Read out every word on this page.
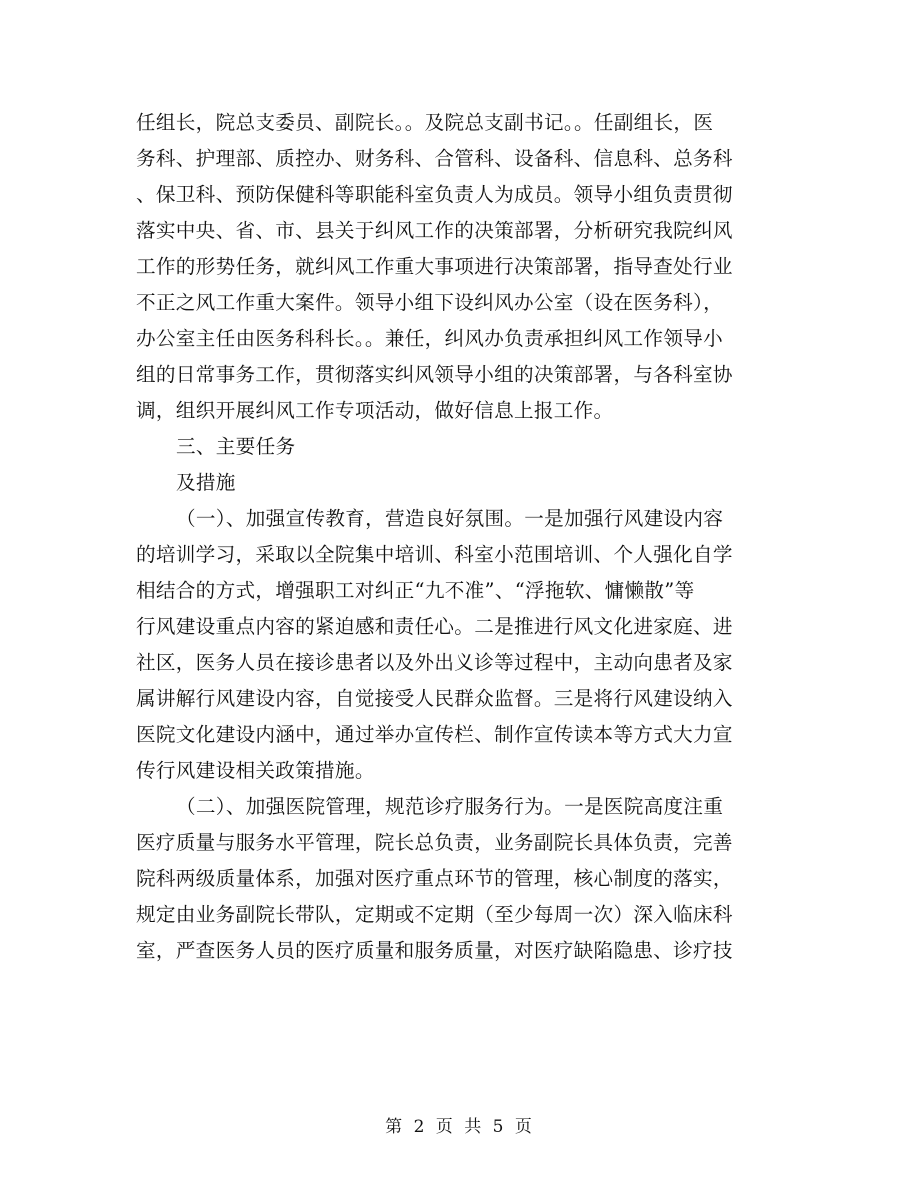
任组长，院总支委员、副院长。。及院总支副书记。。任副组长，医
务科、护理部、质控办、财务科、合管科、设备科、信息科、总务科
、保卫科、预防保健科等职能科室负责人为成员。领导小组负责贯彻
落实中央、省、市、县关于纠风工作的决策部署，分析研究我院纠风
工作的形势任务，就纠风工作重大事项进行决策部署，指导查处行业
不正之风工作重大案件。领导小组下设纠风办公室（设在医务科），
办公室主任由医务科科长。。兼任，纠风办负责承担纠风工作领导小
组的日常事务工作，贯彻落实纠风领导小组的决策部署，与各科室协
调，组织开展纠风工作专项活动，做好信息上报工作。
三、主要任务
及措施
（一）、加强宣传教育，营造良好氛围。一是加强行风建设内容
的培训学习，采取以全院集中培训、科室小范围培训、个人强化自学
相结合的方式，增强职工对纠正“九不准”、“浮拖软、慵懒散”等
行风建设重点内容的紧迫感和责任心。二是推进行风文化进家庭、进
社区，医务人员在接诊患者以及外出义诊等过程中，主动向患者及家
属讲解行风建设内容，自觉接受人民群众监督。三是将行风建设纳入
医院文化建设内涵中，通过举办宣传栏、制作宣传读本等方式大力宣
传行风建设相关政策措施。
（二）、加强医院管理，规范诊疗服务行为。一是医院高度注重
医疗质量与服务水平管理，院长总负责，业务副院长具体负责，完善
院科两级质量体系，加强对医疗重点环节的管理，核心制度的落实，
规定由业务副院长带队，定期或不定期（至少每周一次）深入临床科
室，严查医务人员的医疗质量和服务质量，对医疗缺陷隐患、诊疗技
第 2 页 共 5 页
